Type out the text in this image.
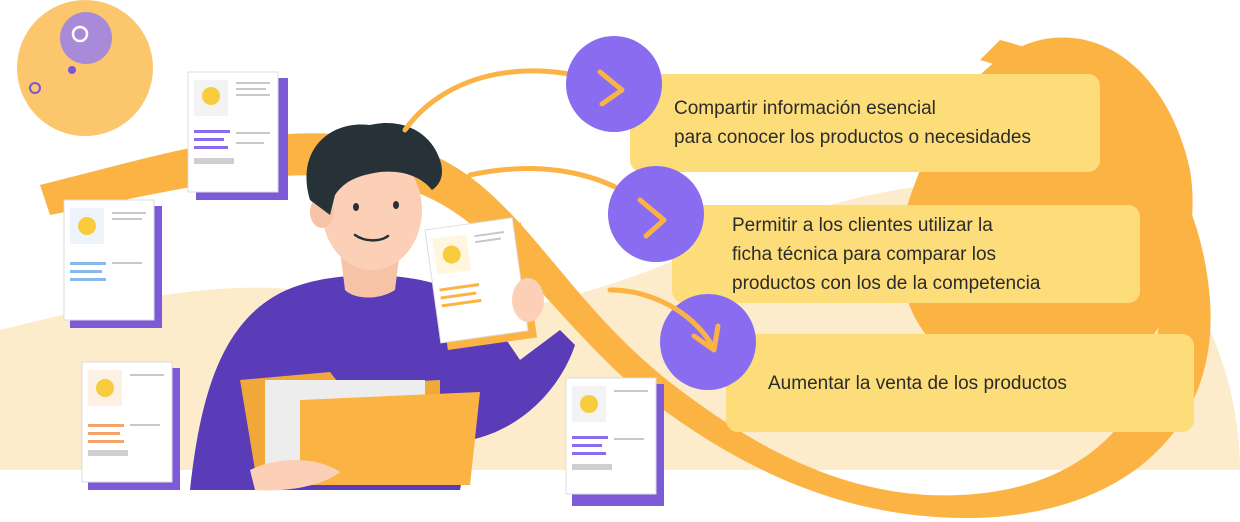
Compartir información esencial
para conocer los productos o necesidades
Permitir a los clientes utilizar la
ficha técnica para comparar los
productos con los de la competencia
Aumentar la venta de los productos
